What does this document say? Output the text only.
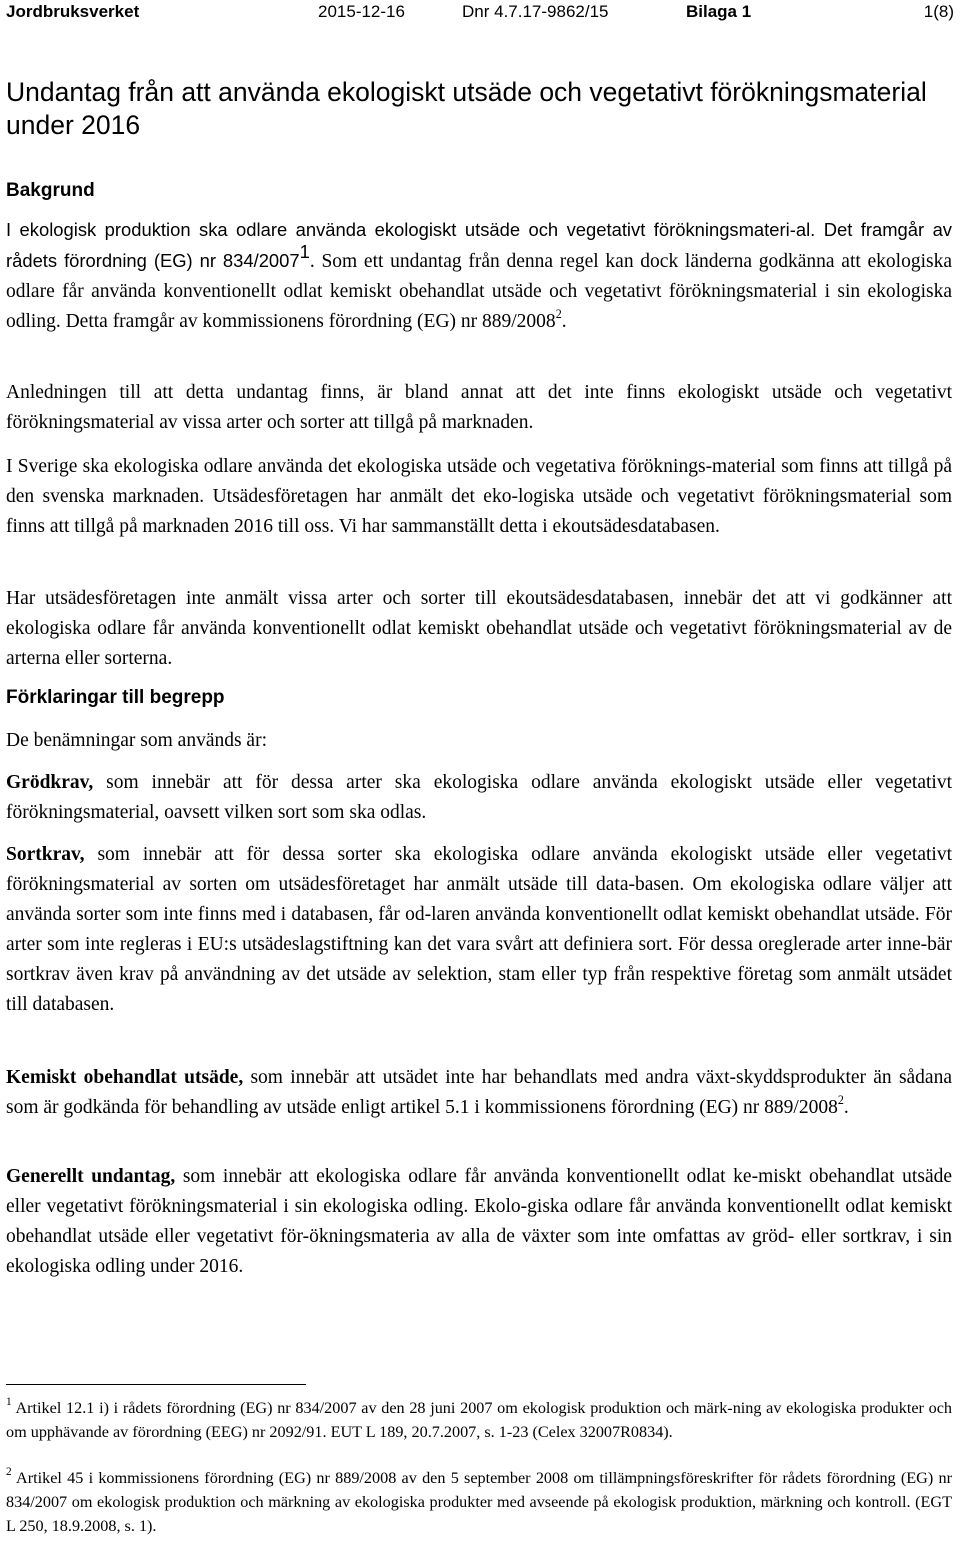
Jordbruksverket	2015-12-16	Dnr 4.7.17-9862/15	Bilaga 1	1(8)
Undantag från att använda ekologiskt utsäde och vegetativt förökningsmaterial under 2016
Bakgrund

I ekologisk produktion ska odlare använda ekologiskt utsäde och vegetativt förökningsmateri-al. Det framgår av rådets förordning (EG) nr 834/2007$^1$. Som ett undantag från denna regel kan dock länderna godkänna att ekologiska odlare får använda konventionellt odlat kemiskt obehandlat utsäde och vegetativt förökningsmaterial i sin ekologiska odling. Detta framgår av kommissionens förordning (EG) nr 889/2008$^2$.

Anledningen till att detta undantag finns, är bland annat att det inte finns ekologiskt utsäde och vegetativt förökningsmaterial av vissa arter och sorter att tillgå på marknaden.

I Sverige ska ekologiska odlare använda det ekologiska utsäde och vegetativa föröknings-material som finns att tillgå på den svenska marknaden. Utsädesföretagen har anmält det eko-logiska utsäde och vegetativt förökningsmaterial som finns att tillgå på marknaden 2016 till oss. Vi har sammanställt detta i ekoutsädesdatabasen.

Har utsädesföretagen inte anmält vissa arter och sorter till ekoutsädesdatabasen, innebär det att vi godkänner att ekologiska odlare får använda konventionellt odlat kemiskt obehandlat utsäde och vegetativt förökningsmaterial av de arterna eller sorterna.

Förklaringar till begrepp

De benämningar som används är:

Grödkrav, som innebär att för dessa arter ska ekologiska odlare använda ekologiskt utsäde eller vegetativt förökningsmaterial, oavsett vilken sort som ska odlas.

Sortkrav, som innebär att för dessa sorter ska ekologiska odlare använda ekologiskt utsäde eller vegetativt förökningsmaterial av sorten om utsädesföretaget har anmält utsäde till data-basen. Om ekologiska odlare väljer att använda sorter som inte finns med i databasen, får od-laren använda konventionellt odlat kemiskt obehandlat utsäde. För arter som inte regleras i EU:s utsädeslagstiftning kan det vara svårt att definiera sort. För dessa oreglerade arter inne-bär sortkrav även krav på användning av det utsäde av selektion, stam eller typ från respektive företag som anmält utsädet till databasen.

Kemiskt obehandlat utsäde, som innebär att utsädet inte har behandlats med andra växt-skyddsprodukter än sådana som är godkända för behandling av utsäde enligt artikel 5.1 i kommissionens förordning (EG) nr 889/2008$^2$.

Generellt undantag, som innebär att ekologiska odlare får använda konventionellt odlat ke-miskt obehandlat utsäde eller vegetativt förökningsmaterial i sin ekologiska odling. Ekolo-giska odlare får använda konventionellt odlat kemiskt obehandlat utsäde eller vegetativt för-ökningsmateria av alla de växter som inte omfattas av gröd- eller sortkrav, i sin ekologiska odling under 2016.

$^1$ Artikel 12.1 i) i rådets förordning (EG) nr 834/2007 av den 28 juni 2007 om ekologisk produktion och märk-ning av ekologiska produkter och om upphävande av förordning (EEG) nr 2092/91. EUT L 189, 20.7.2007, s. 1-23 (Celex 32007R0834).

$^2$ Artikel 45 i kommissionens förordning (EG) nr 889/2008 av den 5 september 2008 om tillämpningsföreskrifter för rådets förordning (EG) nr 834/2007 om ekologisk produktion och märkning av ekologiska produkter med avseende på ekologisk produktion, märkning och kontroll. (EGT L 250, 18.9.2008, s. 1).
